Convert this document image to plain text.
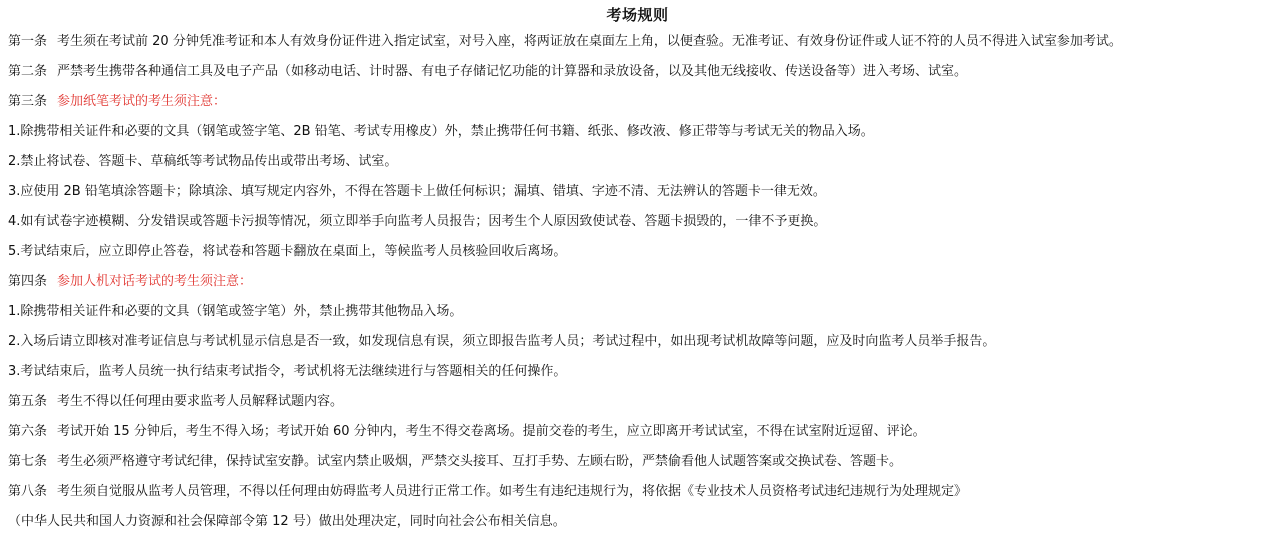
考场规则
第一条 考生须在考试前 20 分钟凭准考证和本人有效身份证件进入指定试室，对号入座，将两证放在桌面左上角，以便查验。无准考证、有效身份证件或人证不符的人员不得进入试室参加考试。
第二条 严禁考生携带各种通信工具及电子产品（如移动电话、计时器、有电子存储记忆功能的计算器和录放设备，以及其他无线接收、传送设备等）进入考场、试室。
第三条 参加纸笔考试的考生须注意：
1.除携带相关证件和必要的文具（钢笔或签字笔、2B 铅笔、考试专用橡皮）外，禁止携带任何书籍、纸张、修改液、修正带等与考试无关的物品入场。
2.禁止将试卷、答题卡、草稿纸等考试物品传出或带出考场、试室。
3.应使用 2B 铅笔填涂答题卡；除填涂、填写规定内容外，不得在答题卡上做任何标识；漏填、错填、字迹不清、无法辨认的答题卡一律无效。
4.如有试卷字迹模糊、分发错误或答题卡污损等情况，须立即举手向监考人员报告；因考生个人原因致使试卷、答题卡损毁的，一律不予更换。
5.考试结束后，应立即停止答卷，将试卷和答题卡翻放在桌面上，等候监考人员核验回收后离场。
第四条 参加人机对话考试的考生须注意：
1.除携带相关证件和必要的文具（钢笔或签字笔）外，禁止携带其他物品入场。
2.入场后请立即核对准考证信息与考试机显示信息是否一致，如发现信息有误，须立即报告监考人员；考试过程中，如出现考试机故障等问题，应及时向监考人员举手报告。
3.考试结束后，监考人员统一执行结束考试指令，考试机将无法继续进行与答题相关的任何操作。
第五条 考生不得以任何理由要求监考人员解释试题内容。
第六条 考试开始 15 分钟后，考生不得入场；考试开始 60 分钟内，考生不得交卷离场。提前交卷的考生，应立即离开考试试室，不得在试室附近逗留、评论。
第七条 考生必须严格遵守考试纪律，保持试室安静。试室内禁止吸烟，严禁交头接耳、互打手势、左顾右盼，严禁偷看他人试题答案或交换试卷、答题卡。
第八条 考生须自觉服从监考人员管理，不得以任何理由妨碍监考人员进行正常工作。如考生有违纪违规行为，将依据《专业技术人员资格考试违纪违规行为处理规定》
（中华人民共和国人力资源和社会保障部令第 12 号）做出处理决定，同时向社会公布相关信息。
